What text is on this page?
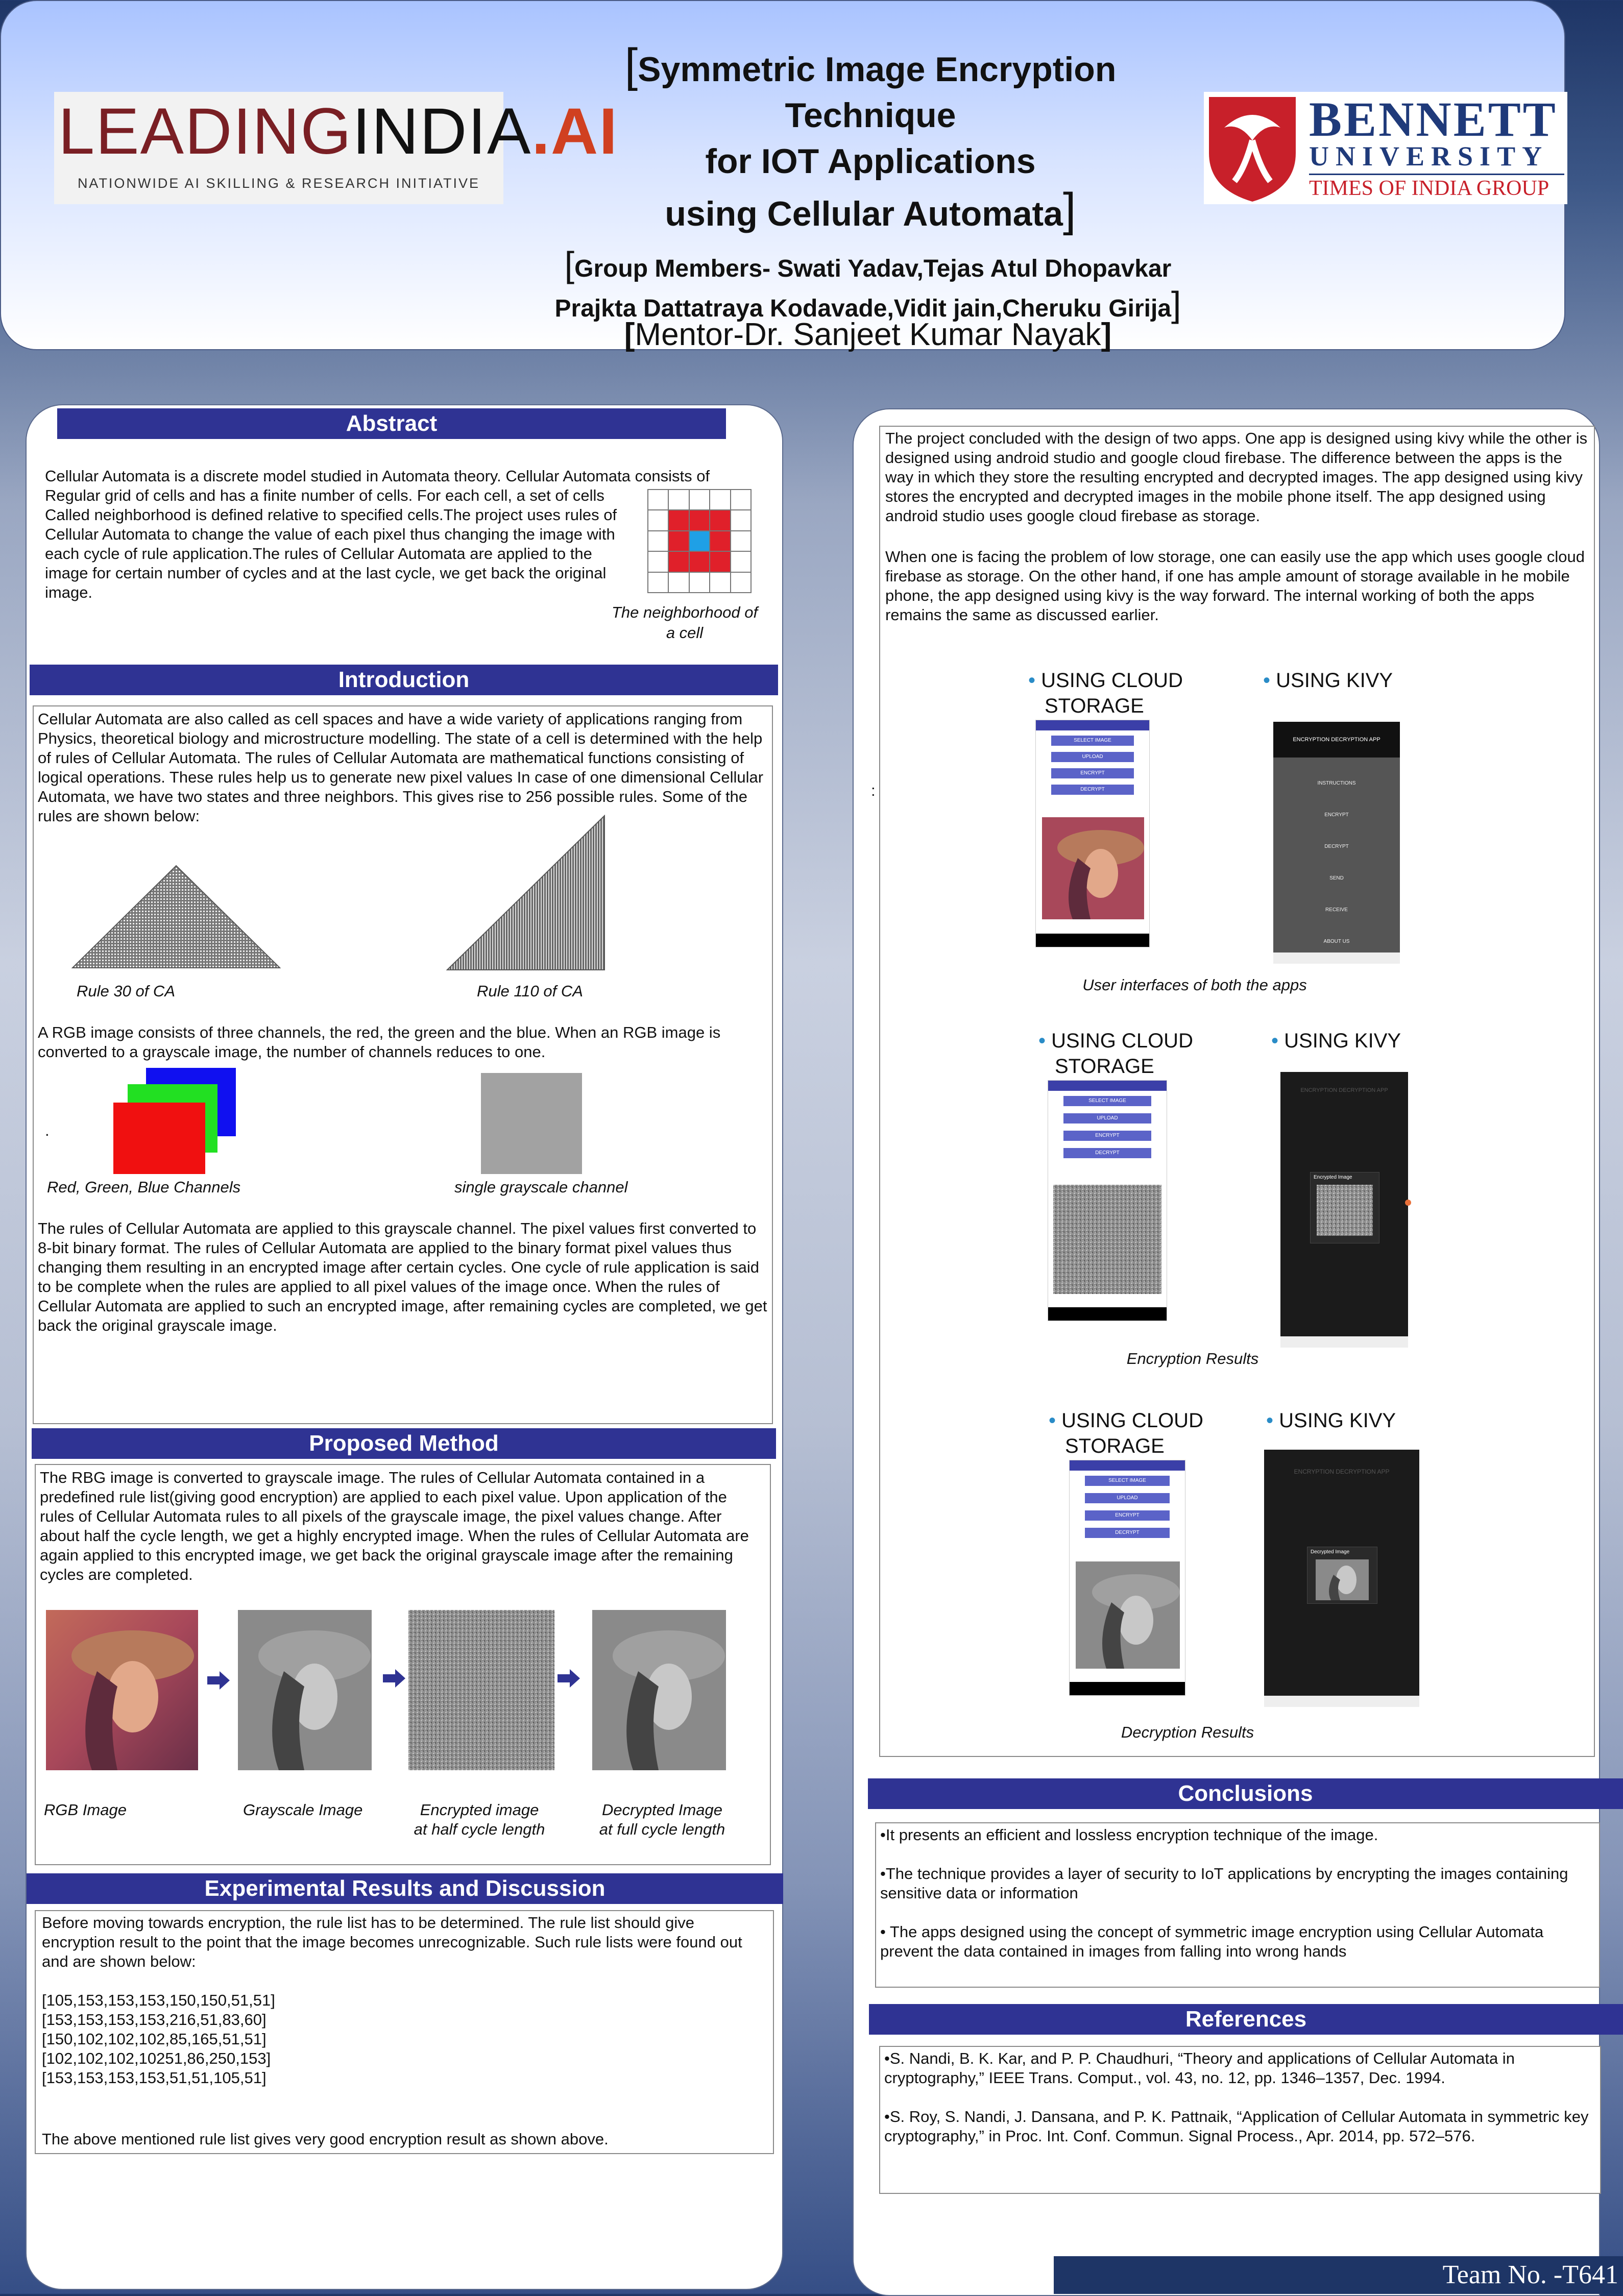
LEADINGINDIA.AI
NATIONWIDE AI SKILLING & RESEARCH INITIATIVE
BENNETT
UNIVERSITY
TIMES OF INDIA GROUP
[Symmetric Image Encryption
Technique
for IOT Applications
using Cellular Automata]
[Group Members- Swati Yadav,Tejas Atul Dhopavkar
Prajkta Dattatraya Kodavade,Vidit jain,Cheruku Girija]
[Mentor-Dr. Sanjeet Kumar Nayak]
Abstract
Cellular Automata is a discrete model studied in Automata theory. Cellular Automata consists of
Regular grid of cells and has a finite number of cells. For each cell, a set of cells Called neighborhood is defined relative to specified cells.The project uses rules of Cellular Automata to change the value of each pixel thus changing the image with each cycle of rule application.The rules of Cellular Automata are applied to the image for certain number of cycles and at the last cycle, we get back the original image.
The neighborhood of a cell
Introduction
Cellular Automata are also called as cell spaces and have a wide variety of applications ranging from Physics, theoretical biology and microstructure modelling. The state of a cell is determined with the help of rules of Cellular Automata. The rules of Cellular Automata are mathematical functions consisting of logical operations. These rules help us to generate new pixel values In case of one dimensional Cellular Automata, we have two states and three neighbors. This gives rise to 256 possible rules. Some of the rules are shown below:
Rule 30 of CA	Rule 110 of CA
A RGB image consists of three channels, the red, the green and the blue. When an RGB image is converted to a grayscale image, the number of channels reduces to one.
.
Red, Green, Blue Channels	single grayscale channel
The rules of Cellular Automata are applied to this grayscale channel. The pixel values first converted to 8-bit binary format. The rules of Cellular Automata are applied to the binary format pixel values thus changing them resulting in an encrypted image after certain cycles. One cycle of rule application is said to be complete when the rules are applied to all pixel values of the image once. When the rules of Cellular Automata are applied to such an encrypted image, after remaining cycles are completed, we get back the original grayscale image.
Proposed Method
The RBG image is converted to grayscale image. The rules of Cellular Automata contained in a predefined rule list(giving good encryption) are applied to each pixel value. Upon application of the rules of Cellular Automata rules to all pixels of the grayscale image, the pixel values change. After about half the cycle length, we get a highly encrypted image. When the rules of Cellular Automata are again applied to this encrypted image, we get back the original grayscale image after the remaining cycles are completed.
RGB Image	Grayscale Image	Encrypted image
at half cycle length
Decrypted Image
at full cycle length
Experimental Results and Discussion
Before moving towards encryption, the rule list has to be determined. The rule list should give encryption result to the point that the image becomes unrecognizable. Such rule lists were found out and are shown below:
[105,153,153,153,150,150,51,51]
[153,153,153,153,216,51,83,60]
[150,102,102,102,85,165,51,51]
[102,102,102,10251,86,250,153]
[153,153,153,153,51,51,105,51]
The above mentioned rule list gives very good encryption result as shown above.
The project concluded with the design of two apps. One app is designed using kivy while the other is designed using android studio and google cloud firebase. The difference between the apps is the way in which they store the resulting encrypted and decrypted images. The app designed using kivy stores the encrypted and decrypted images in the mobile phone itself. The app designed using android studio uses google cloud firebase as storage.
When one is facing the problem of low storage, one can easily use the app which uses google cloud firebase as storage. On the other hand, if one has ample amount of storage available in he mobile phone, the app designed using kivy is the way forward. The internal working of both the apps remains the same as discussed earlier.
:
• USING CLOUD
STORAGE
• USING KIVY
SELECT IMAGE
UPLOAD
ENCRYPT
DECRYPT
ENCRYPTION DECRYPTION APP
INSTRUCTIONS
ENCRYPT
DECRYPT
SEND
RECEIVE
ABOUT US
User interfaces of both the apps
• USING CLOUD
STORAGE
• USING KIVY
SELECT IMAGE
UPLOAD
ENCRYPT
DECRYPT
ENCRYPTION DECRYPTION APP
Encrypted Image
Encryption Results
• USING CLOUD
STORAGE
• USING KIVY
SELECT IMAGE
UPLOAD
ENCRYPT
DECRYPT
ENCRYPTION DECRYPTION APP
Decrypted Image
Decryption Results
Conclusions
•It presents an efficient and lossless encryption technique of the image.
•The technique provides a layer of security to IoT applications by encrypting the images containing sensitive data or information
• The apps designed using the concept of symmetric image encryption using Cellular Automata prevent the data contained in images from falling into wrong hands
References
•S. Nandi, B. K. Kar, and P. P. Chaudhuri, “Theory and applications of Cellular Automata in cryptography,” IEEE Trans. Comput., vol. 43, no. 12, pp. 1346–1357, Dec. 1994.
•S. Roy, S. Nandi, J. Dansana, and P. K. Pattnaik, “Application of Cellular Automata in symmetric key cryptography,” in Proc. Int. Conf. Commun. Signal Process., Apr. 2014, pp. 572–576.
Team No. -T641
